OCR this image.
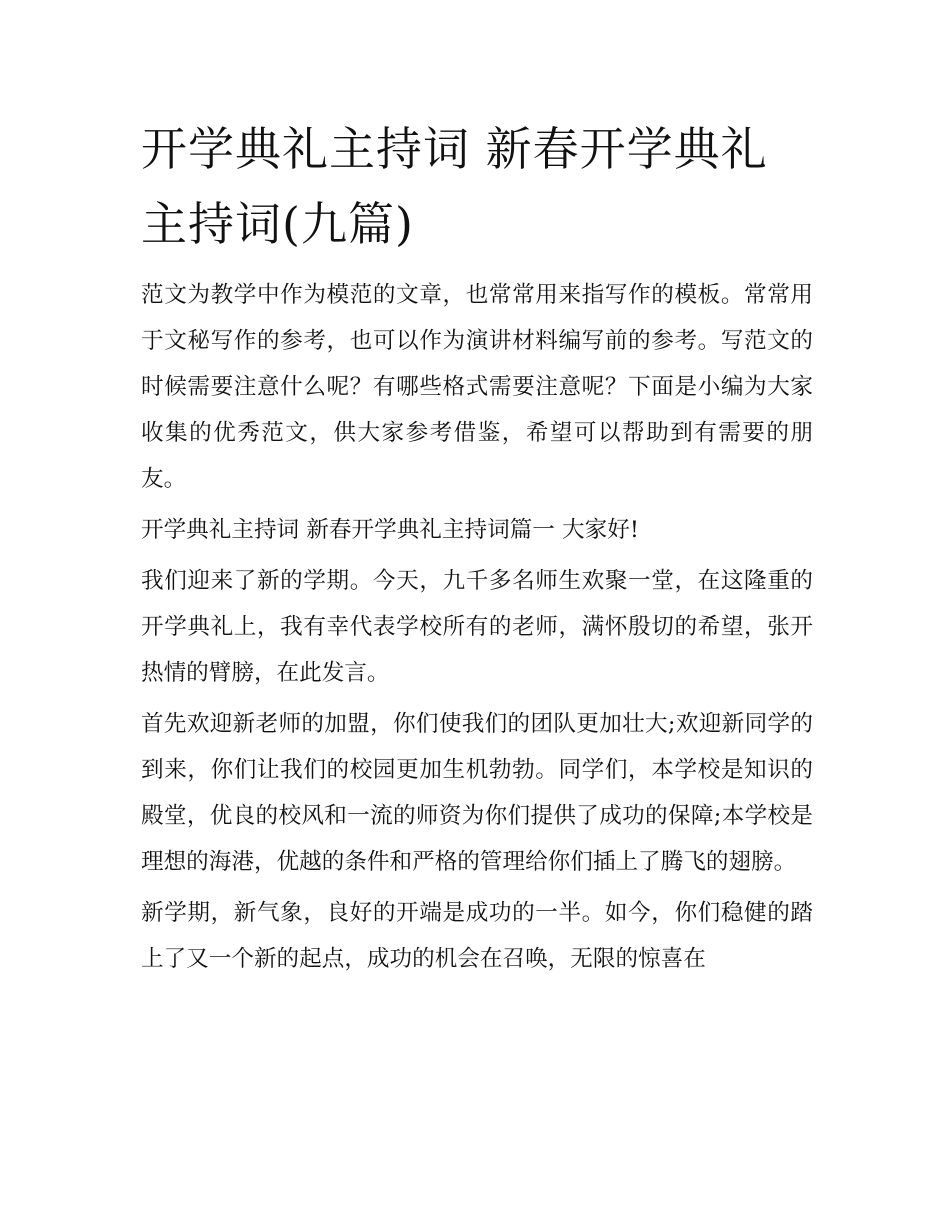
开学典礼主持词 新春开学典礼主持词(九篇)

范文为教学中作为模范的文章，也常常用来指写作的模板。常常用于文秘写作的参考，也可以作为演讲材料编写前的参考。写范文的时候需要注意什么呢？有哪些格式需要注意呢？下面是小编为大家收集的优秀范文，供大家参考借鉴，希望可以帮助到有需要的朋友。

开学典礼主持词 新春开学典礼主持词篇一 大家好!

我们迎来了新的学期。今天，九千多名师生欢聚一堂，在这隆重的开学典礼上，我有幸代表学校所有的老师，满怀殷切的希望，张开热情的臂膀，在此发言。

首先欢迎新老师的加盟，你们使我们的团队更加壮大;欢迎新同学的到来，你们让我们的校园更加生机勃勃。同学们，本学校是知识的殿堂，优良的校风和一流的师资为你们提供了成功的保障;本学校是理想的海港，优越的条件和严格的管理给你们插上了腾飞的翅膀。

新学期，新气象，良好的开端是成功的一半。如今，你们稳健的踏上了又一个新的起点，成功的机会在召唤，无限的惊喜在
